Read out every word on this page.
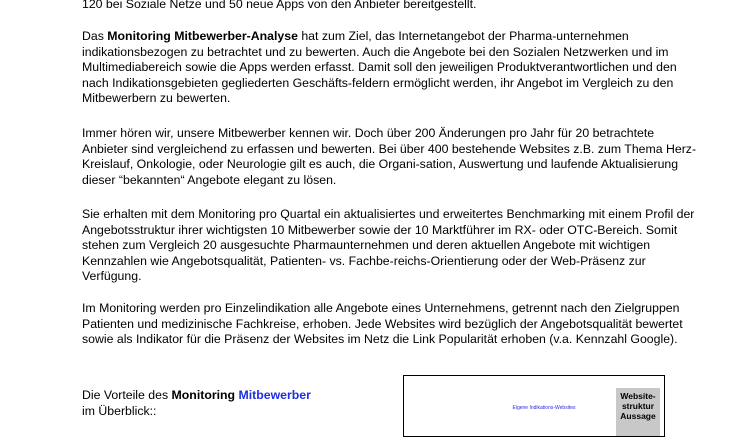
120 bei Soziale Netze und 50 neue Apps von den Anbieter bereitgestellt.

Das Monitoring Mitbewerber-Analyse hat zum Ziel, das Internetangebot der Pharma-unternehmen indikationsbezogen zu betrachtet und zu bewerten. Auch die Angebote bei den Sozialen Netzwerken und im Multimediabereich sowie die Apps werden erfasst. Damit soll den jeweiligen Produktverantwortlichen und den nach Indikationsgebieten gegliederten Geschäfts-feldern ermöglicht werden, ihr Angebot im Vergleich zu den Mitbewerbern zu bewerten.

Immer hören wir, unsere Mitbewerber kennen wir. Doch über 200 Änderungen pro Jahr für 20 betrachtete Anbieter sind vergleichend zu erfassen und bewerten. Bei über 400 bestehende Websites z.B. zum Thema Herz-Kreislauf, Onkologie, oder Neurologie gilt es auch, die Organi-sation, Auswertung und laufende Aktualisierung dieser “bekannten“ Angebote elegant zu lösen.

Sie erhalten mit dem Monitoring pro Quartal ein aktualisiertes und erweitertes Benchmarking mit einem Profil der Angebotsstruktur ihrer wichtigsten 10 Mitbewerber sowie der 10 Marktführer im RX- oder OTC-Bereich. Somit stehen zum Vergleich 20 ausgesuchte Pharmaunternehmen und deren aktuellen Angebote mit wichtigen Kennzahlen wie Angebotsqualität, Patienten- vs. Fachbe-reichs-Orientierung oder der Web-Präsenz zur Verfügung.

Im Monitoring werden pro Einzelindikation alle Angebote eines Unternehmens, getrennt nach den Zielgruppen Patienten und medizinische Fachkreise, erhoben. Jede Websites wird bezüglich der Angebotsqualität bewertet sowie als Indikator für die Präsenz der Websites im Netz die Link Popularität erhoben (v.a. Kennzahl Google).

Die Vorteile des Monitoring Mitbewerber
im Überblick::	Eigene Indikations-Websites
Website-struktur Aussage
